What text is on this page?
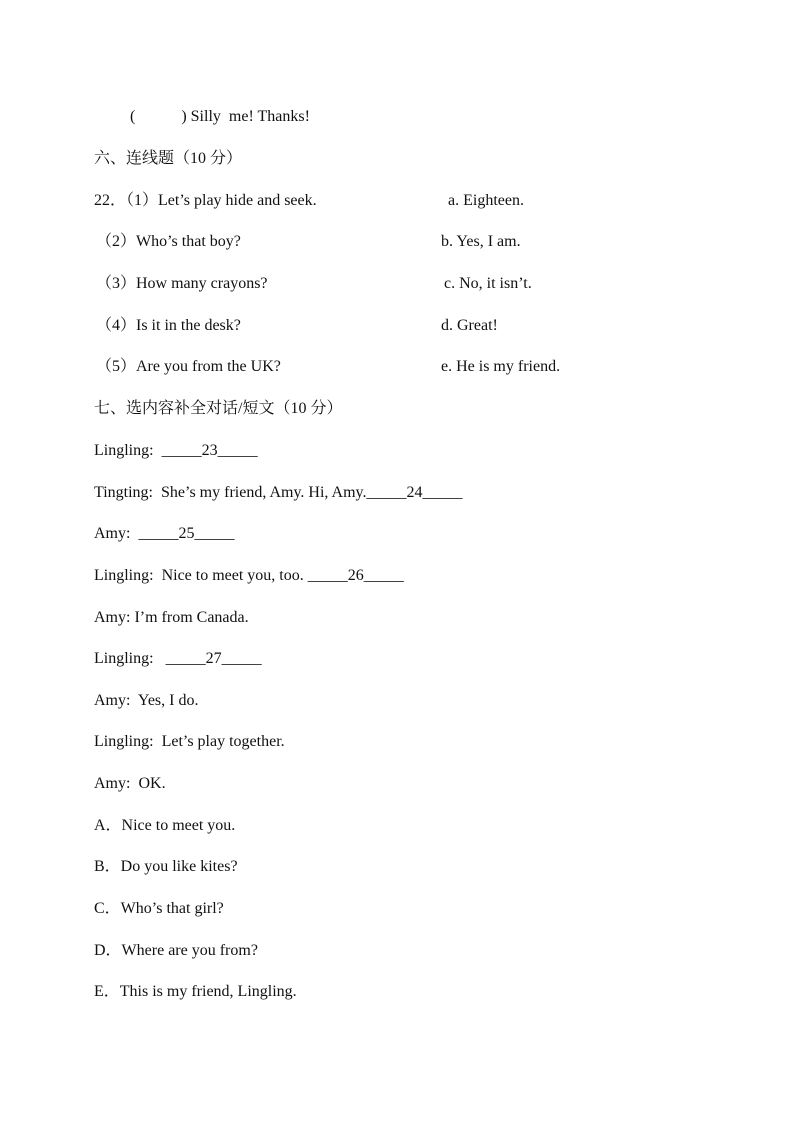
(	) Silly  me! Thanks!
六、连线题（10 分）
22．（1）Let’s play hide and seek.	a. Eighteen.
（2）Who’s that boy?	b. Yes, I am.
（3）How many crayons?	c. No, it isn’t.
（4）Is it in the desk?	d. Great!
（5）Are you from the UK?	e. He is my friend.
七、选内容补全对话/短文（10 分）
Lingling: _____23_____
Tingting: She’s my friend, Amy. Hi, Amy._____24_____
Amy: _____25_____
Lingling: Nice to meet you, too. _____26_____
Amy: I’m from Canada.
Lingling: _____27_____
Amy: Yes, I do.
Lingling: Let’s play together.
Amy: OK.
A．Nice to meet you.
B．Do you like kites?
C．Who’s that girl?
D．Where are you from?
E．This is my friend, Lingling.
